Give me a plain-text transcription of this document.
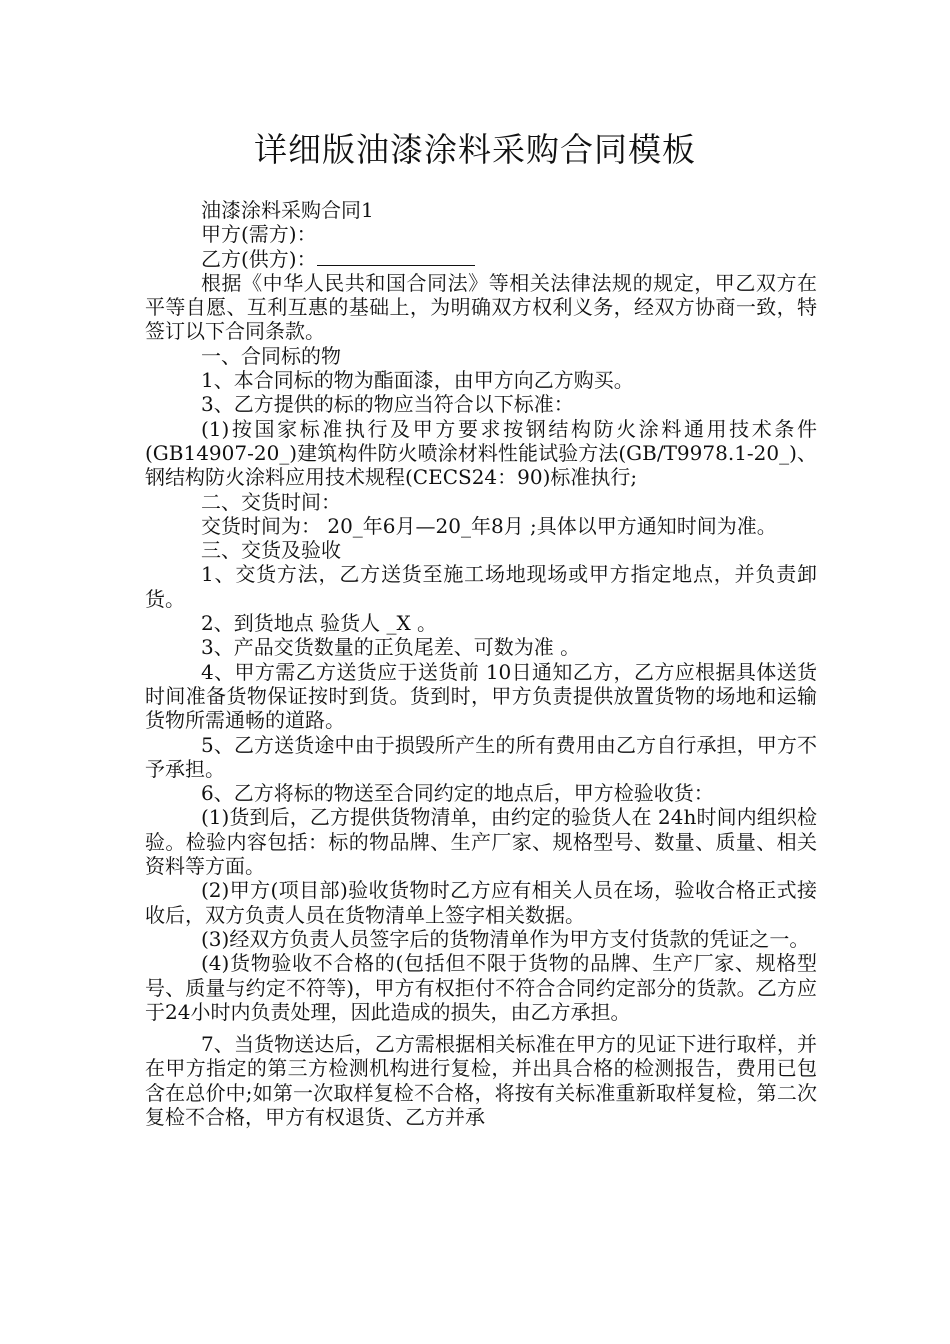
详细版油漆涂料采购合同模板

油漆涂料采购合同1

甲方(需方)：

乙方(供方)：

根据《中华人民共和国合同法》等相关法律法规的规定，甲乙双方在平等自愿、互利互惠的基础上，为明确双方权利义务，经双方协商一致，特签订以下合同条款。

一、合同标的物

1、本合同标的物为酯面漆，由甲方向乙方购买。

3、乙方提供的标的物应当符合以下标准：

(1)按国家标准执行及甲方要求按钢结构防火涂料通用技术条件(GB14907-20_)建筑构件防火喷涂材料性能试验方法(GB/T9978.1-20_)、钢结构防火涂料应用技术规程(CECS24：90)标准执行;

二、交货时间：

交货时间为： 20_年6月—20_年8月 ;具体以甲方通知时间为准。

三、交货及验收

1、交货方法，乙方送货至施工场地现场或甲方指定地点，并负责卸货。

2、到货地点 验货人 _X 。

3、产品交货数量的正负尾差、可数为准 。

4、甲方需乙方送货应于送货前 10日通知乙方，乙方应根据具体送货时间准备货物保证按时到货。货到时，甲方负责提供放置货物的场地和运输货物所需通畅的道路。

5、乙方送货途中由于损毁所产生的所有费用由乙方自行承担，甲方不予承担。

6、乙方将标的物送至合同约定的地点后，甲方检验收货：

(1)货到后，乙方提供货物清单，由约定的验货人在 24h时间内组织检验。检验内容包括：标的物品牌、生产厂家、规格型号、数量、质量、相关资料等方面。

(2)甲方(项目部)验收货物时乙方应有相关人员在场，验收合格正式接收后，双方负责人员在货物清单上签字相关数据。

(3)经双方负责人员签字后的货物清单作为甲方支付货款的凭证之一。

(4)货物验收不合格的(包括但不限于货物的品牌、生产厂家、规格型号、质量与约定不符等)，甲方有权拒付不符合合同约定部分的货款。乙方应于24小时内负责处理，因此造成的损失，由乙方承担。

7、当货物送达后，乙方需根据相关标准在甲方的见证下进行取样，并在甲方指定的第三方检测机构进行复检，并出具合格的检测报告，费用已包含在总价中;如第一次取样复检不合格，将按有关标准重新取样复检，第二次复检不合格，甲方有权退货、乙方并承
